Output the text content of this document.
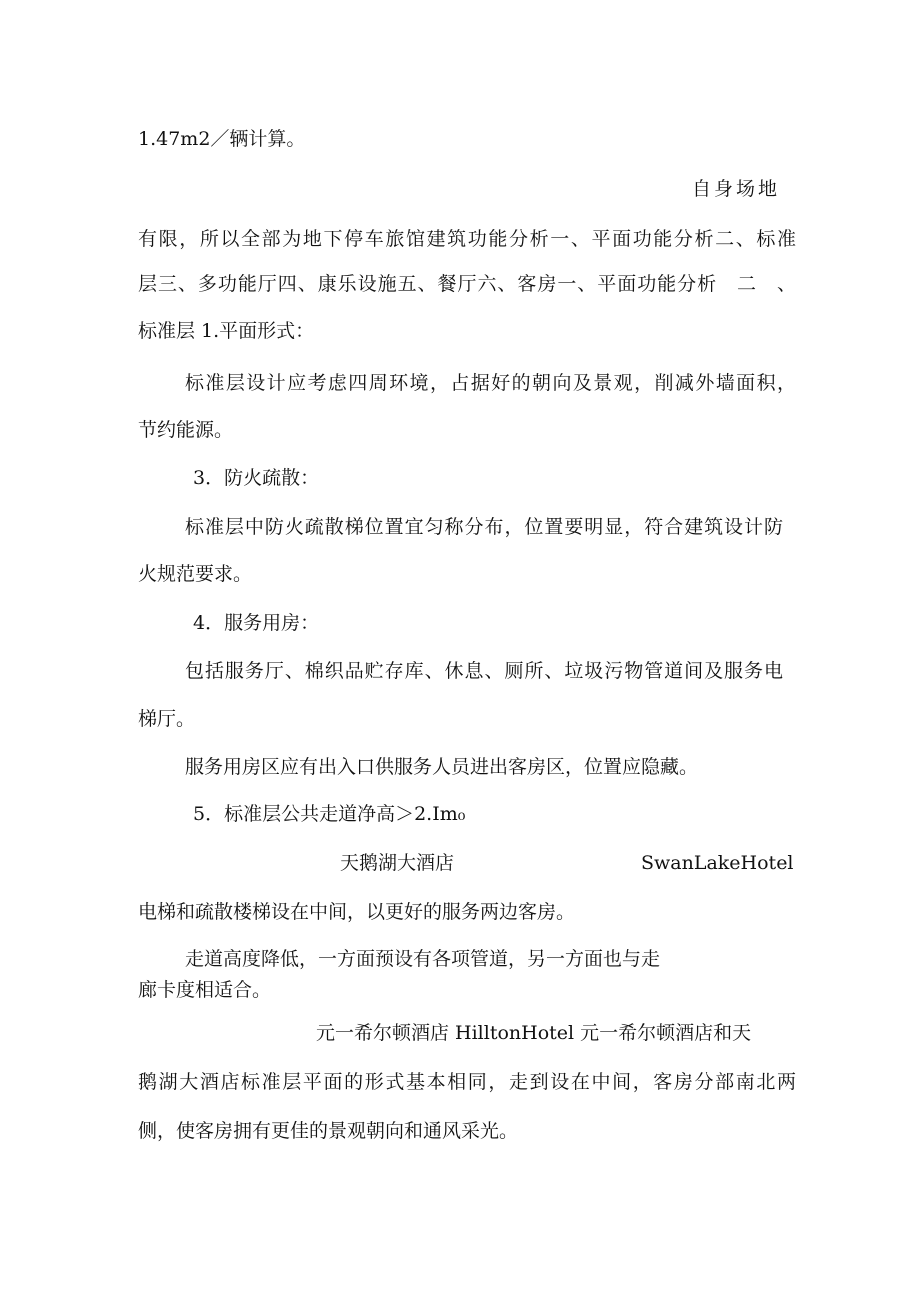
1.47m2／辆计算。

自身场地

有限，所以全部为地下停车旅馆建筑功能分析一、平面功能分析二、标准

层三、多功能厅四、康乐设施五、餐厅六、客房一、平面功能分析　二　、

标准层 1.平面形式：

标准层设计应考虑四周环境，占据好的朝向及景观，削减外墙面积，

节约能源。

3．防火疏散：

标准层中防火疏散梯位置宜匀称分布，位置要明显，符合建筑设计防

火规范要求。

4．服务用房：

包括服务厅、棉织品贮存库、休息、厕所、垃圾污物管道间及服务电

梯厅。

服务用房区应有出入口供服务人员进出客房区，位置应隐藏。

5．标准层公共走道净高＞2.Im₀

天鹅湖大酒店	SwanLakeHotel

电梯和疏散楼梯设在中间，以更好的服务两边客房。

走道高度降低，一方面预设有各项管道，另一方面也与走

廊卡度相适合。

元一希尔顿酒店 HilltonHotel 元一希尔顿酒店和天

鹅湖大酒店标准层平面的形式基本相同，走到设在中间，客房分部南北两

侧，使客房拥有更佳的景观朝向和通风采光。
